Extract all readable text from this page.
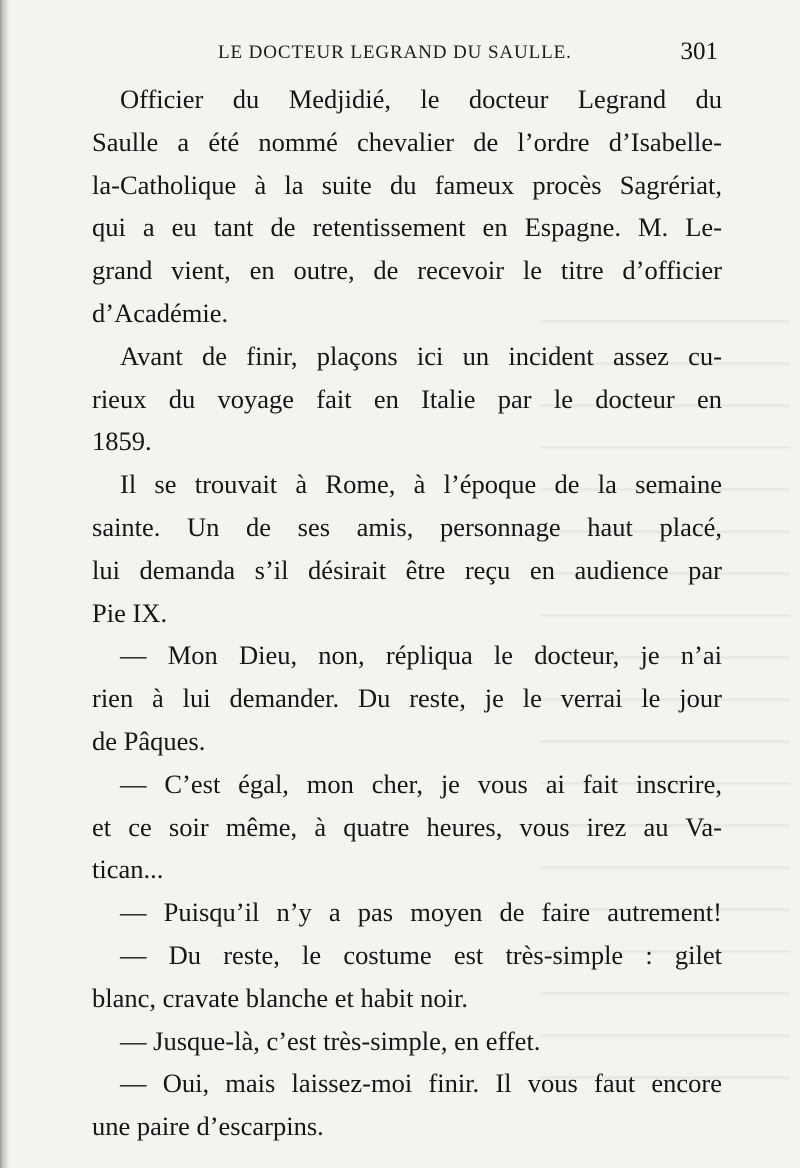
LE DOCTEUR LEGRAND DU SAULLE.	301
Officier du Medjidié, le docteur Legrand du
Saulle a été nommé chevalier de l’ordre d’Isabelle-
la-Catholique à la suite du fameux procès Sagrériat,
qui a eu tant de retentissement en Espagne. M. Le-
grand vient, en outre, de recevoir le titre d’officier
d’Académie.
Avant de finir, plaçons ici un incident assez cu-
rieux du voyage fait en Italie par le docteur en
1859.
Il se trouvait à Rome, à l’époque de la semaine
sainte. Un de ses amis, personnage haut placé,
lui demanda s’il désirait être reçu en audience par
Pie IX.
— Mon Dieu, non, répliqua le docteur, je n’ai
rien à lui demander. Du reste, je le verrai le jour
de Pâques.
— C’est égal, mon cher, je vous ai fait inscrire,
et ce soir même, à quatre heures, vous irez au Va-
tican...
— Puisqu’il n’y a pas moyen de faire autrement!
— Du reste, le costume est très-simple : gilet
blanc, cravate blanche et habit noir.
— Jusque-là, c’est très-simple, en effet.
— Oui, mais laissez-moi finir. Il vous faut encore
une paire d’escarpins.
